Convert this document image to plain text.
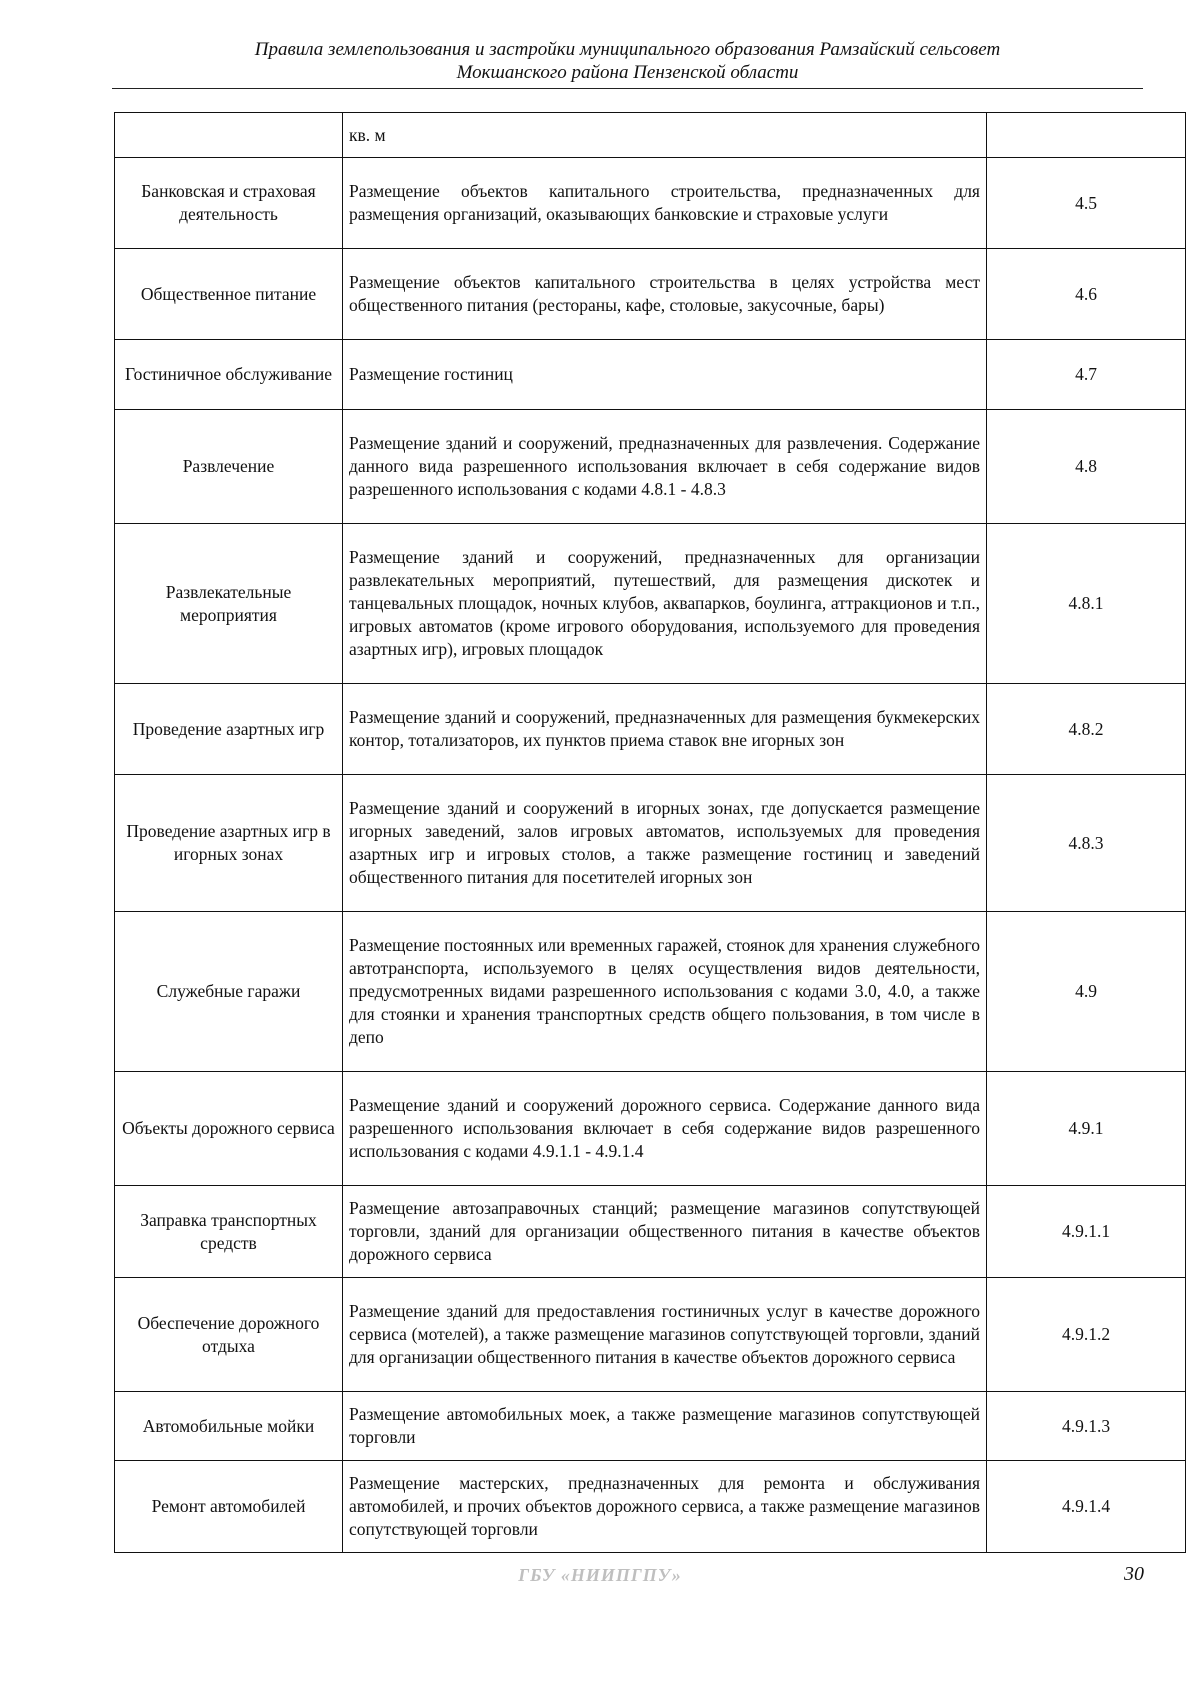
Правила землепользования и застройки муниципального образования Рамзайский сельсовет
Мокшанского района Пензенской области
	кв. м	
Банковская и страховая деятельность	Размещение объектов капитального строительства, предназначенных для размещения организаций, оказывающих банковские и страховые услуги	4.5
Общественное питание	Размещение объектов капитального строительства в целях устройства мест общественного питания (рестораны, кафе, столовые, закусочные, бары)	4.6
Гостиничное обслуживание	Размещение гостиниц	4.7
Развлечение	Размещение зданий и сооружений, предназначенных для развлечения. Содержание данного вида разрешенного использования включает в себя содержание видов разрешенного использования с кодами 4.8.1 - 4.8.3	4.8
Развлекательные мероприятия	Размещение зданий и сооружений, предназначенных для организации развлекательных мероприятий, путешествий, для размещения дискотек и танцевальных площадок, ночных клубов, аквапарков, боулинга, аттракционов и т.п., игровых автоматов (кроме игрового оборудования, используемого для проведения азартных игр), игровых площадок	4.8.1
Проведение азартных игр	Размещение зданий и сооружений, предназначенных для размещения букмекерских контор, тотализаторов, их пунктов приема ставок вне игорных зон	4.8.2
Проведение азартных игр в игорных зонах	Размещение зданий и сооружений в игорных зонах, где допускается размещение игорных заведений, залов игровых автоматов, используемых для проведения азартных игр и игровых столов, а также размещение гостиниц и заведений общественного питания для посетителей игорных зон	4.8.3
Служебные гаражи	Размещение постоянных или временных гаражей, стоянок для хранения служебного автотранспорта, используемого в целях осуществления видов деятельности, предусмотренных видами разрешенного использования с кодами 3.0, 4.0, а также для стоянки и хранения транспортных средств общего пользования, в том числе в депо	4.9
Объекты дорожного сервиса	Размещение зданий и сооружений дорожного сервиса. Содержание данного вида разрешенного использования включает в себя содержание видов разрешенного использования с кодами 4.9.1.1 - 4.9.1.4	4.9.1
Заправка транспортных средств	Размещение автозаправочных станций; размещение магазинов сопутствующей торговли, зданий для организации общественного питания в качестве объектов дорожного сервиса	4.9.1.1
Обеспечение дорожного отдыха	Размещение зданий для предоставления гостиничных услуг в качестве дорожного сервиса (мотелей), а также размещение магазинов сопутствующей торговли, зданий для организации общественного питания в качестве объектов дорожного сервиса	4.9.1.2
Автомобильные мойки	Размещение автомобильных моек, а также размещение магазинов сопутствующей торговли	4.9.1.3
Ремонт автомобилей	Размещение мастерских, предназначенных для ремонта и обслуживания автомобилей, и прочих объектов дорожного сервиса, а также размещение магазинов сопутствующей торговли	4.9.1.4
ГБУ «НИИПГПУ»	30
